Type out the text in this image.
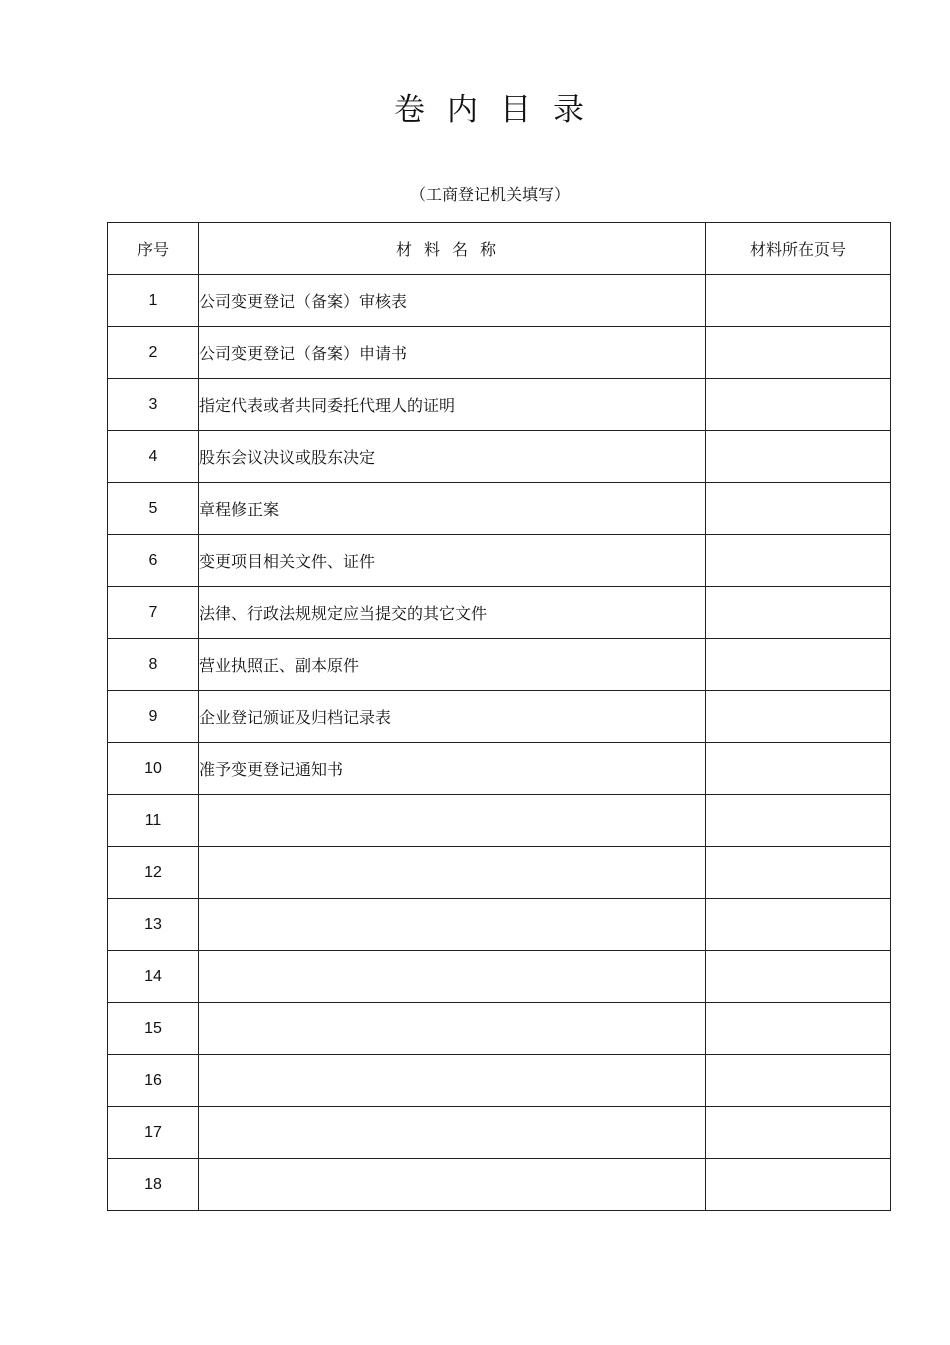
卷内目录
（工商登记机关填写）
序号	材料名称	材料所在页号
1	公司变更登记（备案）审核表	
2	公司变更登记（备案）申请书	
3	指定代表或者共同委托代理人的证明	
4	股东会议决议或股东决定	
5	章程修正案	
6	变更项目相关文件、证件	
7	法律、行政法规规定应当提交的其它文件	
8	营业执照正、副本原件	
9	企业登记颁证及归档记录表	
10	准予变更登记通知书	
11		
12		
13		
14		
15		
16		
17		
18		
